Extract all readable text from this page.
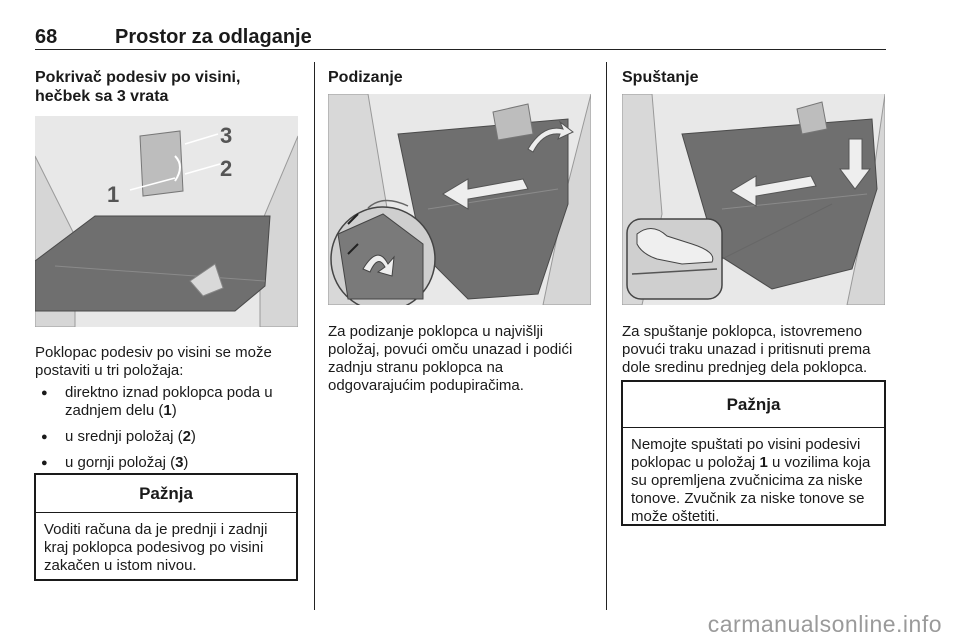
68	Prostor za odlaganje
Pokrivač podesiv po visini,
hečbek sa 3 vrata
1
2
3
Poklopac podesiv po visini se može postaviti u tri položaja:
● direktno iznad poklopca poda u zadnjem delu (1)
● u srednji položaj (2)
● u gornji položaj (3)
Pažnja
Voditi računa da je prednji i zadnji kraj poklopca podesivog po visini zakačen u istom nivou.
Podizanje
Za podizanje poklopca u najvišlji položaj, povući omču unazad i podići zadnju stranu poklopca na odgovarajućim podupiračima.
Spuštanje
Za spuštanje poklopca, istovremeno povući traku unazad i pritisnuti prema dole sredinu prednjeg dela poklopca.
Pažnja
Nemojte spuštati po visini podesivi poklopac u položaj 1 u vozilima koja su opremljena zvučnicima za niske tonove. Zvučnik za niske tonove se može oštetiti.
carmanualsonline.info
